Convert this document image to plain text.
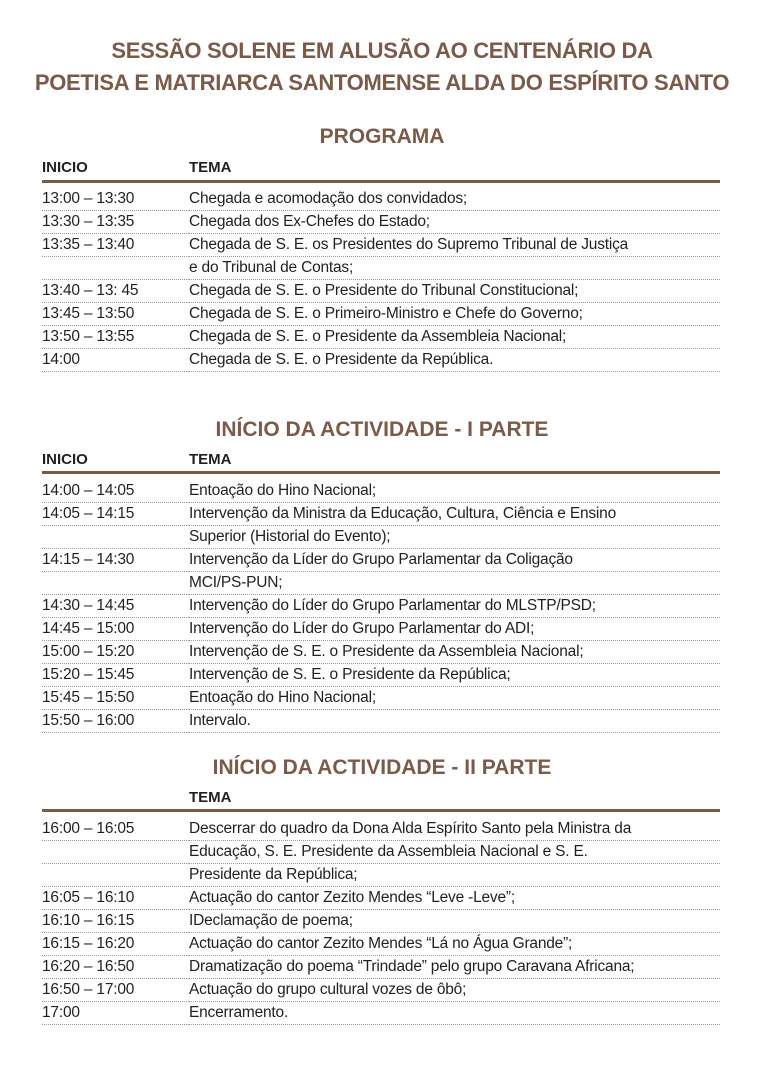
SESSÃO SOLENE EM ALUSÃO AO CENTENÁRIO DA
POETISA E MATRIARCA SANTOMENSE ALDA DO ESPÍRITO SANTO
PROGRAMA
INICIO	TEMA
13:00 – 13:30	Chegada e acomodação dos convidados;
13:30 – 13:35	Chegada dos Ex-Chefes do Estado;
13:35 – 13:40	Chegada de S. E. os Presidentes do Supremo Tribunal de Justiça
e do Tribunal de Contas;
13:40 – 13: 45	Chegada de S. E. o Presidente do Tribunal Constitucional;
13:45 – 13:50	Chegada de S. E. o Primeiro-Ministro e Chefe do Governo;
13:50 – 13:55	Chegada de S. E. o Presidente da Assembleia Nacional;
14:00	Chegada de S. E. o Presidente da República.
INÍCIO DA ACTIVIDADE - I PARTE
INICIO	TEMA
14:00 – 14:05	Entoação do Hino Nacional;
14:05 – 14:15	Intervenção da Ministra da Educação, Cultura, Ciência e Ensino
Superior (Historial do Evento);
14:15 – 14:30	Intervenção da Líder do Grupo Parlamentar da Coligação
MCI/PS-PUN;
14:30 – 14:45	Intervenção do Líder do Grupo Parlamentar do MLSTP/PSD;
14:45 – 15:00	Intervenção do Líder do Grupo Parlamentar do ADI;
15:00 – 15:20	Intervenção de S. E. o Presidente da Assembleia Nacional;
15:20 – 15:45	Intervenção de S. E. o Presidente da República;
15:45 – 15:50	Entoação do Hino Nacional;
15:50 – 16:00	Intervalo.
INÍCIO DA ACTIVIDADE - II PARTE
TEMA
16:00 – 16:05	Descerrar do quadro da Dona Alda Espírito Santo pela Ministra da
Educação, S. E. Presidente da Assembleia Nacional e S. E.
Presidente da República;
16:05 – 16:10	Actuação do cantor Zezito Mendes “Leve -Leve”;
16:10 – 16:15	IDeclamação de poema;
16:15 – 16:20	Actuação do cantor Zezito Mendes “Lá no Água Grande”;
16:20 – 16:50	Dramatização do poema “Trindade” pelo grupo Caravana Africana;
16:50 – 17:00	Actuação do grupo cultural vozes de ôbô;
17:00	Encerramento.
